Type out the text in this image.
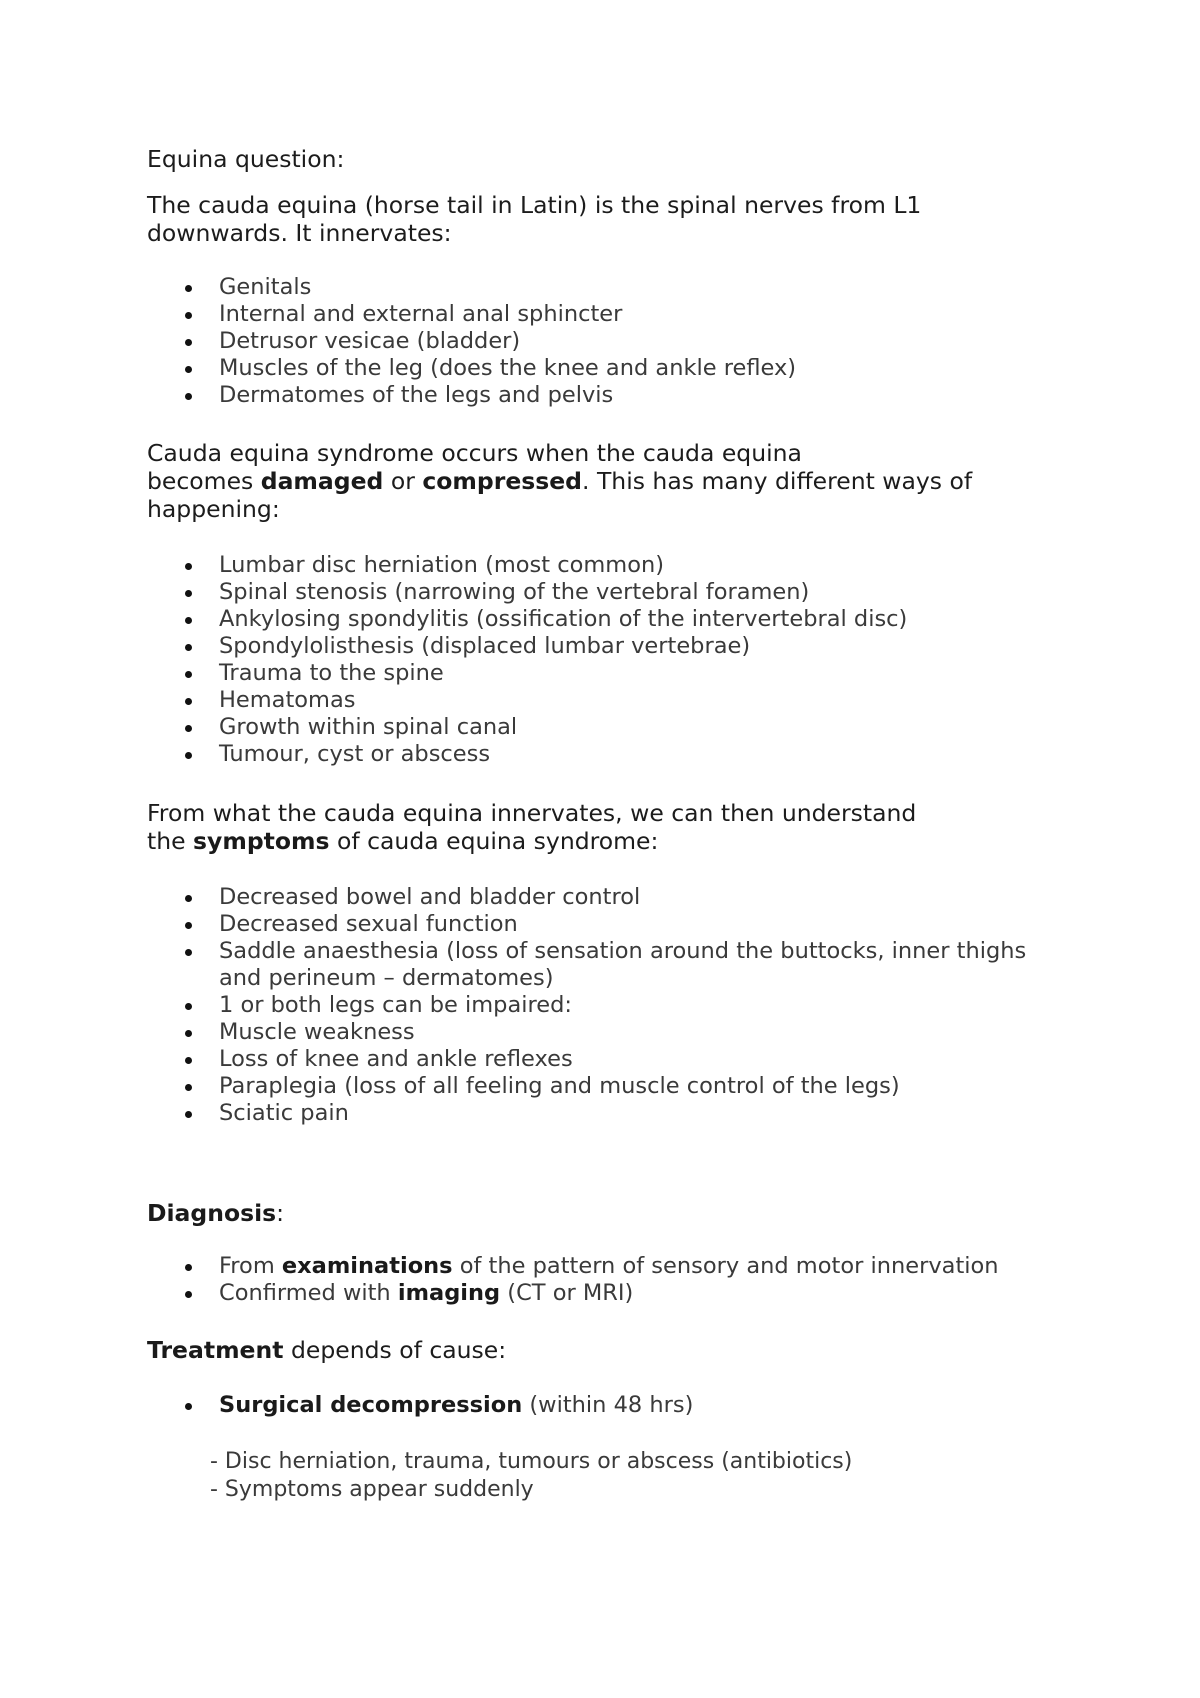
Equina question:

The cauda equina (horse tail in Latin) is the spinal nerves from L1
downwards. It innervates:
Genitals
Internal and external anal sphincter
Detrusor vesicae (bladder)
Muscles of the leg (does the knee and ankle reflex)
Dermatomes of the legs and pelvis
Cauda equina syndrome occurs when the cauda equina
becomes damaged or compressed. This has many different ways of
happening:
Lumbar disc herniation (most common)
Spinal stenosis (narrowing of the vertebral foramen)
Ankylosing spondylitis (ossification of the intervertebral disc)
Spondylolisthesis (displaced lumbar vertebrae)
Trauma to the spine
Hematomas
Growth within spinal canal
Tumour, cyst or abscess
From what the cauda equina innervates, we can then understand
the symptoms of cauda equina syndrome:
Decreased bowel and bladder control
Decreased sexual function
Saddle anaesthesia (loss of sensation around the buttocks, inner thighs
and perineum – dermatomes)
1 or both legs can be impaired:
Muscle weakness
Loss of knee and ankle reflexes
Paraplegia (loss of all feeling and muscle control of the legs)
Sciatic pain
Diagnosis:
From examinations of the pattern of sensory and motor innervation
Confirmed with imaging (CT or MRI)
Treatment depends of cause:
Surgical decompression (within 48 hrs)
- Disc herniation, trauma, tumours or abscess (antibiotics)
- Symptoms appear suddenly
